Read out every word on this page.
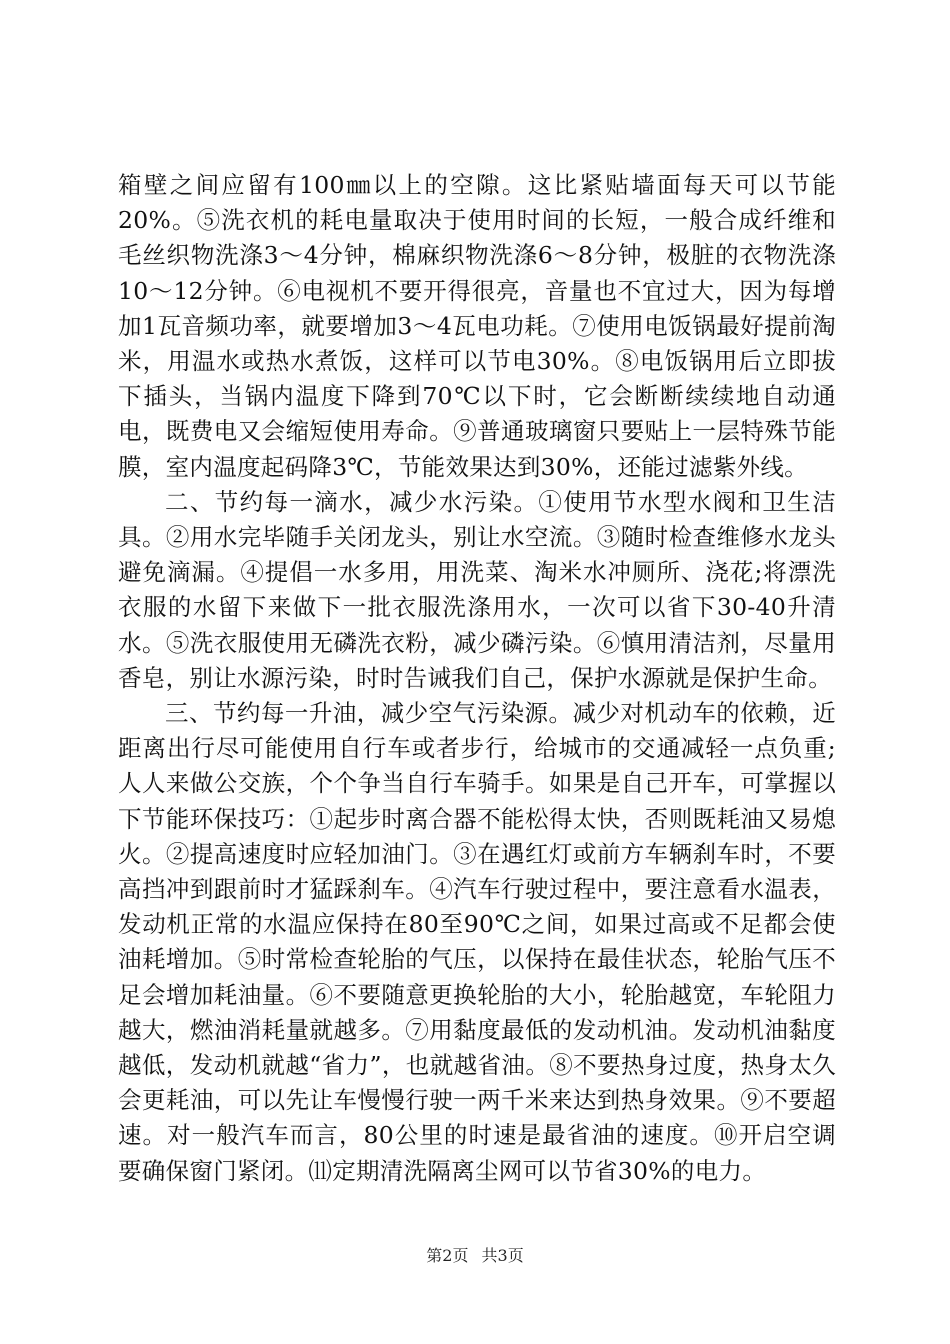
箱壁之间应留有100㎜以上的空隙。这比紧贴墙面每天可以节能20%。⑤洗衣机的耗电量取决于使用时间的长短，一般合成纤维和毛丝织物洗涤3～4分钟，棉麻织物洗涤6～8分钟，极脏的衣物洗涤10～12分钟。⑥电视机不要开得很亮，音量也不宜过大，因为每增加1瓦音频功率，就要增加3～4瓦电功耗。⑦使用电饭锅最好提前淘米，用温水或热水煮饭，这样可以节电30%。⑧电饭锅用后立即拔下插头，当锅内温度下降到70℃以下时，它会断断续续地自动通电，既费电又会缩短使用寿命。⑨普通玻璃窗只要贴上一层特殊节能膜，室内温度起码降3℃，节能效果达到30%，还能过滤紫外线。

二、节约每一滴水，减少水污染。①使用节水型水阀和卫生洁具。②用水完毕随手关闭龙头，别让水空流。③随时检查维修水龙头避免滴漏。④提倡一水多用，用洗菜、淘米水冲厕所、浇花;将漂洗衣服的水留下来做下一批衣服洗涤用水，一次可以省下30-40升清水。⑤洗衣服使用无磷洗衣粉，减少磷污染。⑥慎用清洁剂，尽量用香皂，别让水源污染，时时告诫我们自己，保护水源就是保护生命。

三、节约每一升油，减少空气污染源。减少对机动车的依赖，近距离出行尽可能使用自行车或者步行，给城市的交通减轻一点负重;人人来做公交族，个个争当自行车骑手。如果是自己开车，可掌握以下节能环保技巧：①起步时离合器不能松得太快，否则既耗油又易熄火。②提高速度时应轻加油门。③在遇红灯或前方车辆刹车时，不要高挡冲到跟前时才猛踩刹车。④汽车行驶过程中，要注意看水温表，发动机正常的水温应保持在80至90℃之间，如果过高或不足都会使油耗增加。⑤时常检查轮胎的气压，以保持在最佳状态，轮胎气压不足会增加耗油量。⑥不要随意更换轮胎的大小，轮胎越宽，车轮阻力越大，燃油消耗量就越多。⑦用黏度最低的发动机油。发动机油黏度越低，发动机就越“省力”，也就越省油。⑧不要热身过度，热身太久会更耗油，可以先让车慢慢行驶一两千米来达到热身效果。⑨不要超速。对一般汽车而言，80公里的时速是最省油的速度。⑩开启空调要确保窗门紧闭。⑾定期清洗隔离尘网可以节省30%的电力。

第2页 共3页
